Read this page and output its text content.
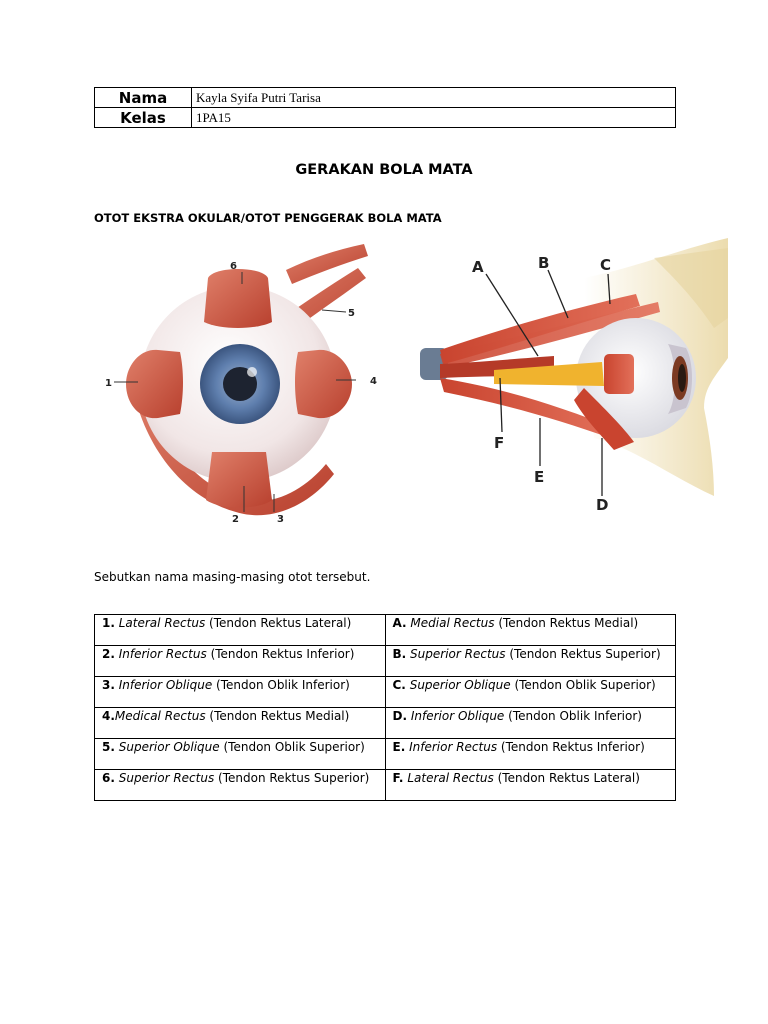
Nama	Kayla Syifa Putri Tarisa
Kelas	1PA15
GERAKAN BOLA MATA
OTOT EKSTRA OKULAR/OTOT PENGGERAK BOLA MATA
6
5
1	4
2	3
A	B	C
F
E
D
Sebutkan nama masing-masing otot tersebut.
1. Lateral Rectus (Tendon Rektus Lateral)	A. Medial Rectus (Tendon Rektus Medial)
2. Inferior Rectus (Tendon Rektus Inferior)	B. Superior Rectus (Tendon Rektus Superior)
3. Inferior Oblique (Tendon Oblik Inferior)	C. Superior Oblique (Tendon Oblik Superior)
4.Medical Rectus (Tendon Rektus Medial)	D. Inferior Oblique (Tendon Oblik Inferior)
5. Superior Oblique (Tendon Oblik Superior)	E. Inferior Rectus (Tendon Rektus Inferior)
6. Superior Rectus (Tendon Rektus Superior)	F. Lateral Rectus (Tendon Rektus Lateral)
